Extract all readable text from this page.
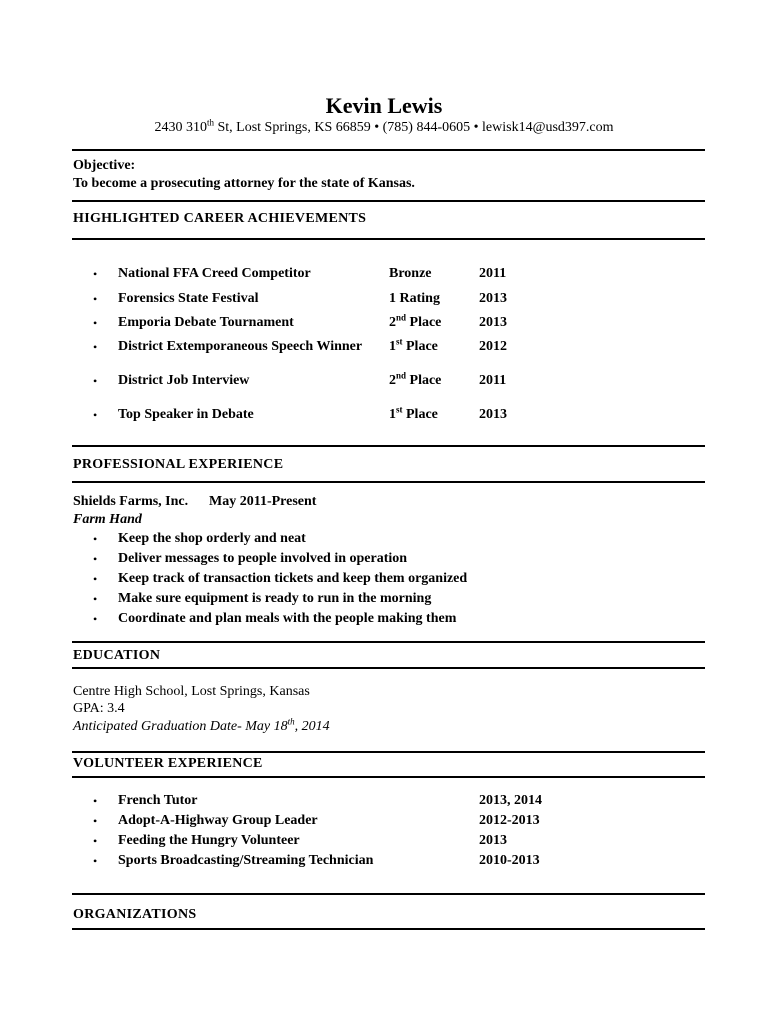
Kevin Lewis
2430 310th St, Lost Springs, KS 66859 • (785) 844-0605 • lewisk14@usd397.com
Objective:
To become a prosecuting attorney for the state of Kansas.
HIGHLIGHTED CAREER ACHIEVEMENTS
• National FFA Creed Competitor	Bronze	2011
• Forensics State Festival	1 Rating	2013
• Emporia Debate Tournament	2nd Place	2013
• District Extemporaneous Speech Winner 1st Place	2012
• District Job Interview	2nd Place	2011
• Top Speaker in Debate	1st Place	2013
PROFESSIONAL EXPERIENCE
Shields Farms, Inc. May 2011-Present
Farm Hand
• Keep the shop orderly and neat
• Deliver messages to people involved in operation
• Keep track of transaction tickets and keep them organized
• Make sure equipment is ready to run in the morning
• Coordinate and plan meals with the people making them
EDUCATION
Centre High School, Lost Springs, Kansas
GPA: 3.4
Anticipated Graduation Date- May 18th, 2014
VOLUNTEER EXPERIENCE
• French Tutor	2013, 2014
• Adopt-A-Highway Group Leader	2012-2013
• Feeding the Hungry Volunteer	2013
• Sports Broadcasting/Streaming Technician	2010-2013
ORGANIZATIONS
